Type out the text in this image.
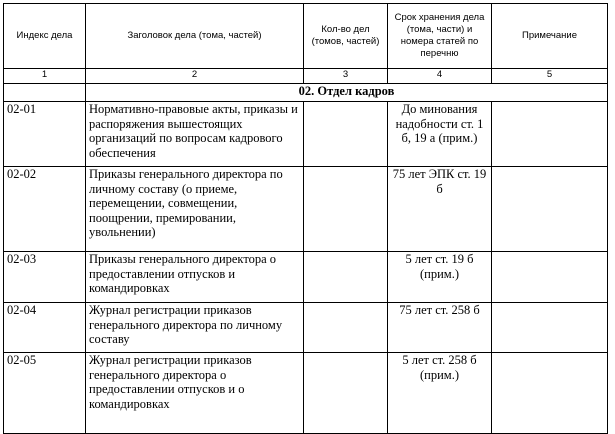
Индекс дела	Заголовок дела (тома, частей)	Кол-во дел (томов, частей)	Срок хранения дела (тома, части) и номера статей по перечню	Примечание
1	2	3	4	5
	02. Отдел кадров			
02-01	Нормативно-правовые акты, приказы и распоряжения вышестоящих организаций по вопросам кадрового обеспечения		До минования надобности ст. 1 б, 19 а (прим.)	
02-02	Приказы генерального директора по личному составу (о приеме, перемещении, совмещении, поощрении, премировании, увольнении)		75 лет ЭПК ст. 19 б	
02-03	Приказы генерального директора о предоставлении отпусков и командировках		5 лет ст. 19 б (прим.)	
02-04	Журнал регистрации приказов генерального директора по личному составу		75 лет ст. 258 б	
02-05	Журнал регистрации приказов генерального директора о предоставлении отпусков и о командировках		5 лет ст. 258 б (прим.)	
